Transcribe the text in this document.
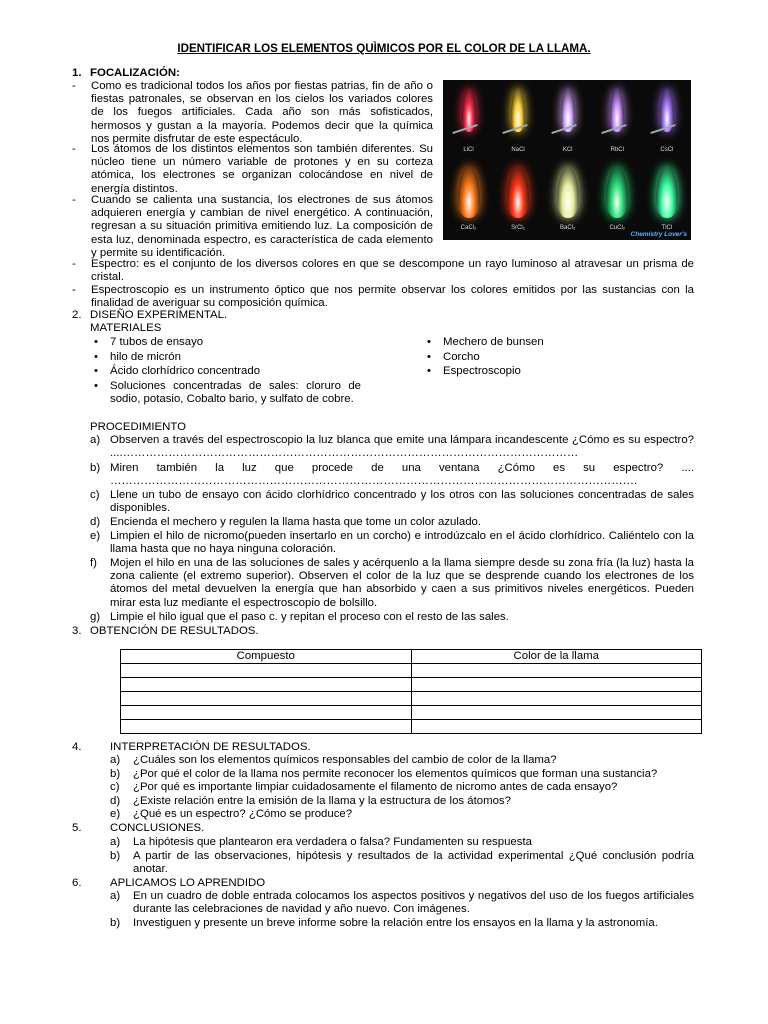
IDENTIFICAR LOS ELEMENTOS QUÌMICOS POR EL COLOR DE LA LLAMA.
1. FOCALIZACIÓN:
- Como es tradicional todos los años por fiestas patrias, fin de año o fiestas patronales, se observan en los cielos los variados colores de los fuegos artificiales. Cada año son más sofisticados, hermosos y gustan a la mayoría. Podemos decir que la química nos permite disfrutar de este espectáculo.
- Los átomos de los distintos elementos son también diferentes. Su núcleo tiene un número variable de protones y en su corteza atómica, los electrones se organizan colocándose en nivel de energía distintos.
- Cuando se calienta una sustancia, los electrones de sus átomos adquieren energía y cambian de nivel energético. A continuación, regresan a su situación primitiva emitiendo luz. La composición de esta luz, denominada espectro, es característica de cada elemento y permite su identificación.
- Espectro: es el conjunto de los diversos colores en que se descompone un rayo luminoso al atravesar un prisma de cristal.
- Espectroscopio es un instrumento óptico que nos permite observar los colores emitidos por las sustancias con la finalidad de averiguar su composición química.
LiCl	NaCl	KCl	RbCl	CsCl
CaCl₂	SrCl₂	BaCl₂	CuCl₂	TlCl
Chemistry Lover's
2. DISEÑO EXPERIMENTAL.
MATERIALES
• 7 tubos de ensayo
• hilo de micrón
• Ácido clorhídrico concentrado
• Soluciones concentradas de sales: cloruro de sodio, potasio, Cobalto bario, y sulfato de cobre.
• Mechero de bunsen
• Corcho
• Espectroscopio
PROCEDIMIENTO
a) Observen a través del espectroscopio la luz blanca que emite una lámpara incandescente ¿Cómo es su espectro? ....…………………………………………………………………………………………………………
b) Miren también la luz que procede de una ventana ¿Cómo es su espectro? .... ………………………………………………………………………………………………………………………….
c) Llene un tubo de ensayo con ácido clorhídrico concentrado y los otros con las soluciones concentradas de sales disponibles.
d) Encienda el mechero y regulen la llama hasta que tome un color azulado.
e) Limpien el hilo de nicromo(pueden insertarlo en un corcho) e introdúzcalo en el ácido clorhídrico. Caliéntelo con la llama hasta que no haya ninguna coloración.
f) Mojen el hilo en una de las soluciones de sales y acérquenlo a la llama siempre desde su zona fría (la luz) hasta la zona caliente (el extremo superior). Observen el color de la luz que se desprende cuando los electrones de los átomos del metal devuelven la energía que han absorbido y caen a sus primitivos niveles energéticos. Pueden mirar esta luz mediante el espectroscopio de bolsillo.
g) Limpie el hilo igual que el paso c. y repitan el proceso con el resto de las sales.
3. OBTENCIÓN DE RESULTADOS.
Compuesto	Color de la llama

4.	INTERPRETACIÓN DE RESULTADOS.
a) ¿Cuáles son los elementos químicos responsables del cambio de color de la llama?
b) ¿Por qué el color de la llama nos permite reconocer los elementos químicos que forman una sustancia?
c) ¿Por qué es importante limpiar cuidadosamente el filamento de nicromo antes de cada ensayo?
d) ¿Existe relación entre la emisión de la llama y la estructura de los átomos?
e) ¿Qué es un espectro? ¿Cómo se produce?
5.	CONCLUSIONES.
a) La hipótesis que plantearon era verdadera o falsa? Fundamenten su respuesta
b) A partir de las observaciones, hipótesis y resultados de la actividad experimental ¿Qué conclusión podría anotar.
6.	APLICAMOS LO APRENDIDO
a) En un cuadro de doble entrada colocamos los aspectos positivos y negativos del uso de los fuegos artificiales durante las celebraciones de navidad y año nuevo. Con imágenes.
b) Investiguen y presente un breve informe sobre la relación entre los ensayos en la llama y la astronomía.
